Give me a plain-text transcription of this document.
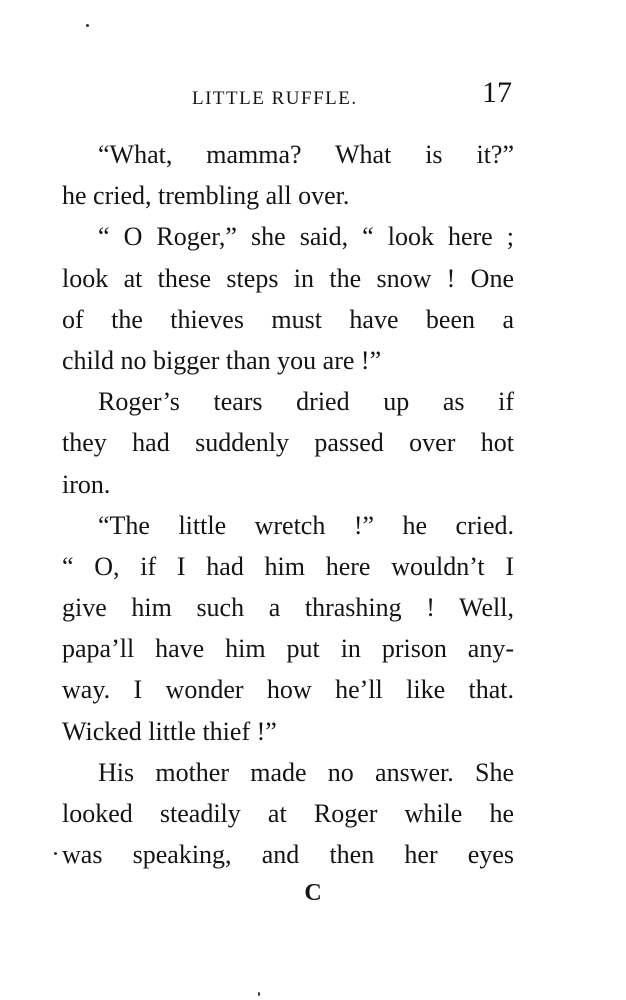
LITTLE RUFFLE.	17
“What, mamma? What is it?”
he cried, trembling all over.
“ O Roger,” she said, “ look here ;
look at these steps in the snow ! One
of the thieves must have been a
child no bigger than you are !”
Roger’s tears dried up as if
they had suddenly passed over hot
iron.
“The little wretch !” he cried.
“ O, if I had him here wouldn’t I
give him such a thrashing ! Well,
papa’ll have him put in prison any-
way. I wonder how he’ll like that.
Wicked little thief !”
His mother made no answer. She
looked steadily at Roger while he
was speaking, and then her eyes
C
